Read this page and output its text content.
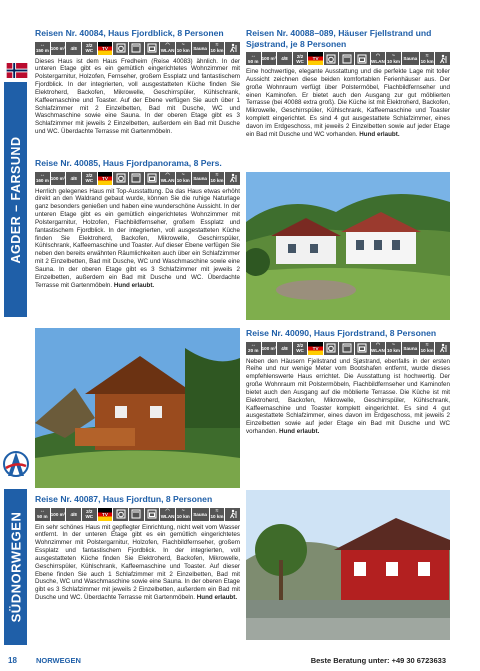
AGDER – FARSUND
SÜDNORWEGEN
Reisen Nr. 40084, Haus Fjordblick, 8 Personen
↔
150 m 100 m² 4/8	2/2 WC	TV	◠
WLAN
~
10 km Sauna ≈
10 km
Dieses Haus ist dem Haus Fredheim (Reise 40083) ähnlich. In der unteren Etage gibt es ein gemütlich eingerichtetes Wohnzimmer mit Polstergarnitur, Holzofen, Fernseher, großem Essplatz und fantastischem Fjordblick. In der integrierten, voll ausgestatteten Küche finden Sie Elektroherd, Backofen, Mikrowelle, Geschirrspüler, Kühlschrank, Kaffeemaschine und Toaster. Auf der Ebene verfügen Sie auch über 1 Schlafzimmer mit 2 Einzelbetten, Bad mit Dusche, WC und Waschmaschine sowie eine Sauna. In der oberen Etage gibt es 3 Schlafzimmer mit jeweils 2 Einzelbetten, außerdem ein Bad mit Dusche und WC. Überdachte Terrasse mit Gartenmöbeln.
Reise Nr. 40085, Haus Fjordpanorama, 8 Pers.
↔
160 m 100 m² 4/8	2/2 WC	TV	◠
WLAN
~
10 km Sauna ≈
10 km
Herrlich gelegenes Haus mit Top-Ausstattung. Da das Haus etwas erhöht direkt an den Waldrand gebaut wurde, können Sie die ruhige Naturlage ganz besonders genießen und haben eine wunderschöne Aussicht. In der unteren Etage gibt es ein gemütlich eingerichtetes Wohnzimmer mit Polstergarnitur, Holzofen, Flachbildfernseher, großem Essplatz und fantastischem Fjordblick. In der integrierten, voll ausgestatteten Küche finden Sie Elektroherd, Backofen, Mikrowelle, Geschirrspüler, Kühlschrank, Kaffeemaschine und Toaster. Auf dieser Ebene verfügen Sie neben den bereits erwähnten Räumlichkeiten auch über ein Schlafzimmer mit 2 Einzelbetten, Bad mit Dusche, WC und Waschmaschine sowie eine Sauna. In der oberen Etage gibt es 3 Schlafzimmer mit jeweils 2 Einzelbetten, außerdem ein Bad mit Dusche und WC. Überdachte Terrasse mit Gartenmöbeln. Hund erlaubt.
Reisen Nr. 40088–089, Häuser Fjellstrand und Sjøstrand, je 8 Personen
↔
50 m 100 m² 4/8	2/2 WC	TV	◠
WLAN
~
10 km Sauna ≈
10 km
Eine hochwertige, elegante Ausstattung und die perfekte Lage mit toller Aussicht zeichnen diese beiden komfortablen Ferienhäuser aus. Der große Wohnraum verfügt über Polstermöbel, Flachbildfernseher und einen Kaminofen. Er bietet auch den Ausgang zur gut möblierten Terrasse (bei 40088 extra groß). Die Küche ist mit Elektroherd, Backofen, Mikrowelle, Geschirrspüler, Kühlschrank, Kaffeemaschine und Toaster komplett eingerichtet. Es sind 4 gut ausgestattete Schlafzimmer, eines davon im Erdgeschoss, mit jeweils 2 Einzelbetten sowie auf jeder Etage ein Bad mit Dusche und WC vorhanden. Hund erlaubt.
Reise Nr. 40090, Haus Fjordstrand, 8 Personen
↔
20 m 100 m² 4/8	2/2 WC	TV	◠
WLAN
~
10 km Sauna ≈
10 km
Neben den Häusern Fjellstrand und Sjøstrand, ebenfalls in der ersten Reihe und nur wenige Meter vom Bootshafen entfernt, wurde dieses empfehlenswerte Haus errichtet. Die Ausstattung ist hochwertig. Der große Wohnraum mit Polstermöbeln, Flachbildfernseher und Kaminofen bietet auch den Ausgang auf die möblierte Terrasse. Die Küche ist mit Elektroherd, Backofen, Mikrowelle, Geschirrspüler, Kühlschrank, Kaffeemaschine und Toaster komplett eingerichtet. Es sind 4 gut ausgestattete Schlafzimmer, eines davon im Erdgeschoss, mit jeweils 2 Einzelbetten sowie auf jeder Etage ein Bad mit Dusche und WC vorhanden. Hund erlaubt.
Reise Nr. 40087, Haus Fjordtun, 8 Personen
↔
50 m 100 m² 4/8	2/2 WC	TV	◠
WLAN
~
10 km Sauna ≈
10 km
Ein sehr schönes Haus mit gepflegter Einrichtung, nicht weit vom Wasser entfernt. In der unteren Etage gibt es ein gemütlich eingerichtetes Wohnzimmer mit Polstergarnitur, Holzofen, Flachbildfernseher, großem Essplatz und fantastischem Fjordblick. In der integrierten, voll ausgestatteten Küche finden Sie Elektroherd, Backofen, Mikrowelle, Geschirrspüler, Kühlschrank, Kaffeemaschine und Toaster. Auf dieser Ebene finden Sie auch 1 Schlafzimmer mit 2 Einzelbetten, Bad mit Dusche, WC und Waschmaschine sowie eine Sauna. In der oberen Etage gibt es 3 Schlafzimmer mit jeweils 2 Einzelbetten, außerdem ein Bad mit Dusche und WC. Überdachte Terrasse mit Gartenmöbeln. Hund erlaubt.
18	NORWEGEN	Beste Beratung unter: +49 30 6723633
